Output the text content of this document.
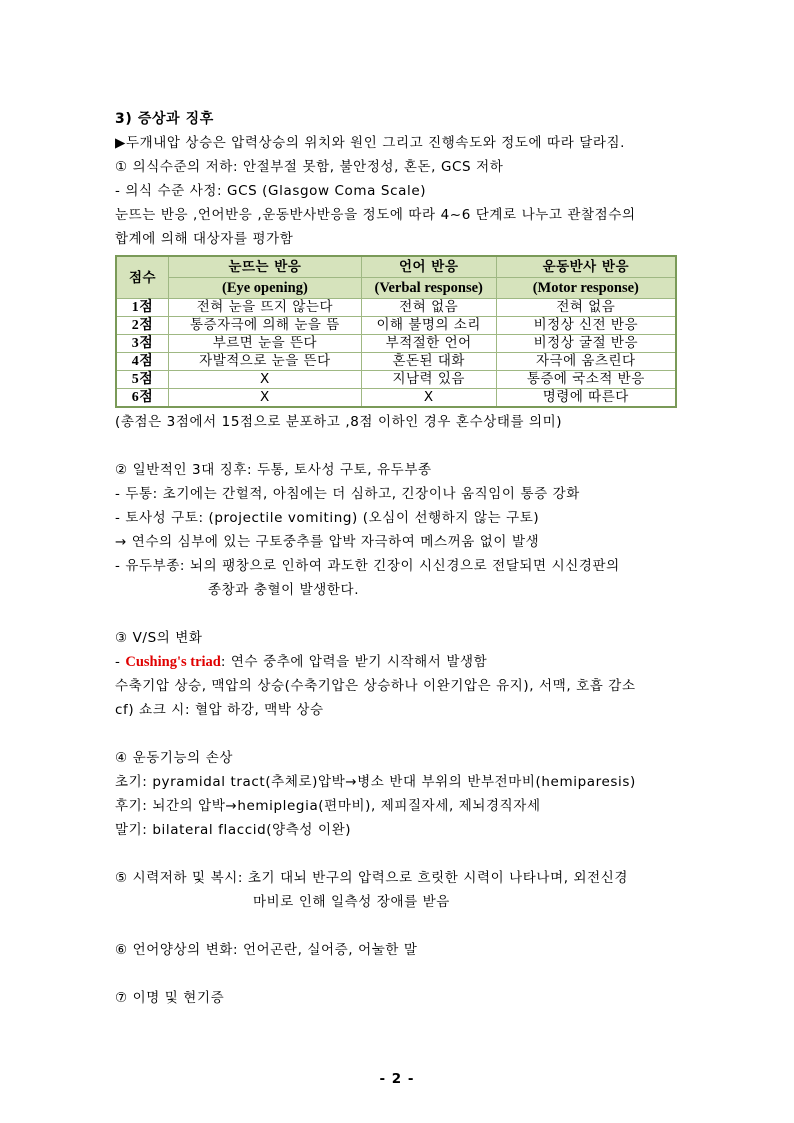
3) 증상과 징후
▶두개내압 상승은 압력상승의 위치와 원인 그리고 진행속도와 정도에 따라 달라짐.
① 의식수준의 저하: 안절부절 못함, 불안정성, 혼돈, GCS 저하
- 의식 수준 사정: GCS (Glasgow Coma Scale)
눈뜨는 반응 ,언어반응 ,운동반사반응을 정도에 따라 4~6 단계로 나누고 관찰점수의
합계에 의해 대상자를 평가함
점수	눈뜨는 반응	언어 반응	운동반사 반응
	(Eye opening)	(Verbal response)	(Motor response)
1점	전혀 눈을 뜨지 않는다	전혀 없음	전혀 없음
2점	통증자극에 의해 눈을 뜸	이해 불명의 소리	비정상 신전 반응
3점	부르면 눈을 뜬다	부적절한 언어	비정상 굴절 반응
4점	자발적으로 눈을 뜬다	혼돈된 대화	자극에 움츠린다
5점	X	지남력 있음	통증에 국소적 반응
6점	X	X	명령에 따른다
(총점은 3점에서 15점으로 분포하고 ,8점 이하인 경우 혼수상태를 의미)
② 일반적인 3대 징후: 두통, 토사성 구토, 유두부종
- 두통: 초기에는 간헐적, 아침에는 더 심하고, 긴장이나 움직임이 통증 강화
- 토사성 구토: (projectile vomiting) (오심이 선행하지 않는 구토)
→ 연수의 심부에 있는 구토중추를 압박 자극하여 메스꺼움 없이 발생
- 유두부종: 뇌의 팽창으로 인하여 과도한 긴장이 시신경으로 전달되면 시신경판의
종창과 충혈이 발생한다.
③ V/S의 변화
- Cushing's triad: 연수 중추에 압력을 받기 시작해서 발생함
수축기압 상승, 맥압의 상승(수축기압은 상승하나 이완기압은 유지), 서맥, 호흡 감소
cf) 쇼크 시: 혈압 하강, 맥박 상승
④ 운동기능의 손상
초기: pyramidal tract(추체로)압박→병소 반대 부위의 반부전마비(hemiparesis)
후기: 뇌간의 압박→hemiplegia(편마비), 제피질자세, 제뇌경직자세
말기: bilateral flaccid(양측성 이완)
⑤ 시력저하 및 복시: 초기 대뇌 반구의 압력으로 흐릿한 시력이 나타나며, 외전신경
마비로 인해 일측성 장애를 받음
⑥ 언어양상의 변화: 언어곤란, 실어증, 어눌한 말
⑦ 이명 및 현기증
- 2 -
